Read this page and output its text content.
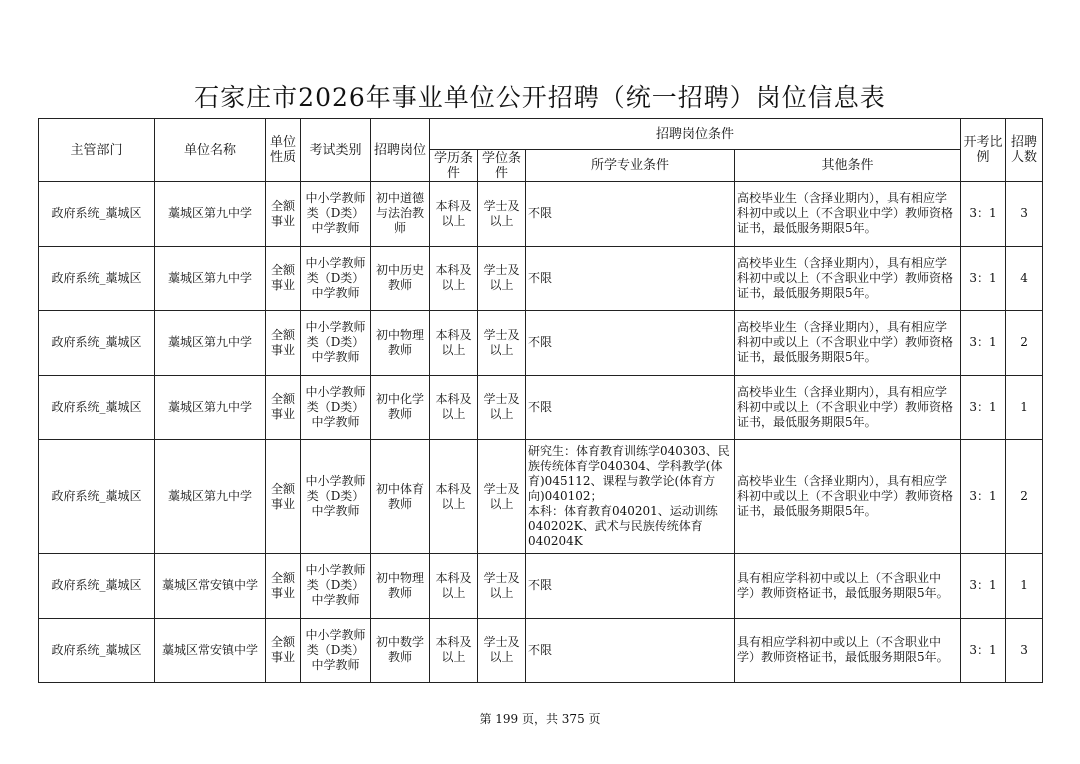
石家庄市2026年事业单位公开招聘（统一招聘）岗位信息表
主管部门	单位名称	单位性质	考试类别	招聘岗位	招聘岗位条件				开考比例	招聘人数
					学历条件	学位条件	所学专业条件	其他条件		
政府系统_藁城区	藁城区第九中学	全额事业	中小学教师类（D类）中学教师	初中道德与法治教师	本科及以上	学士及以上	不限	高校毕业生（含择业期内），具有相应学科初中或以上（不含职业中学）教师资格证书，最低服务期限5年。	3：1	3
政府系统_藁城区	藁城区第九中学	全额事业	中小学教师类（D类）中学教师	初中历史教师	本科及以上	学士及以上	不限	高校毕业生（含择业期内），具有相应学科初中或以上（不含职业中学）教师资格证书，最低服务期限5年。	3：1	4
政府系统_藁城区	藁城区第九中学	全额事业	中小学教师类（D类）中学教师	初中物理教师	本科及以上	学士及以上	不限	高校毕业生（含择业期内），具有相应学科初中或以上（不含职业中学）教师资格证书，最低服务期限5年。	3：1	2
政府系统_藁城区	藁城区第九中学	全额事业	中小学教师类（D类）中学教师	初中化学教师	本科及以上	学士及以上	不限	高校毕业生（含择业期内），具有相应学科初中或以上（不含职业中学）教师资格证书，最低服务期限5年。	3：1	1
政府系统_藁城区	藁城区第九中学	全额事业	中小学教师类（D类）中学教师	初中体育教师	本科及以上	学士及以上	研究生：体育教育训练学040303、民族传统体育学040304、学科教学(体育)045112、课程与教学论(体育方向)040102；
本科：体育教育040201、运动训练040202K、武术与民族传统体育040204K	高校毕业生（含择业期内），具有相应学科初中或以上（不含职业中学）教师资格证书，最低服务期限5年。	3：1	2
政府系统_藁城区	藁城区常安镇中学	全额事业	中小学教师类（D类）中学教师	初中物理教师	本科及以上	学士及以上	不限	具有相应学科初中或以上（不含职业中学）教师资格证书，最低服务期限5年。	3：1	1
政府系统_藁城区	藁城区常安镇中学	全额事业	中小学教师类（D类）中学教师	初中数学教师	本科及以上	学士及以上	不限	具有相应学科初中或以上（不含职业中学）教师资格证书，最低服务期限5年。	3：1	3
第 199 页，共 375 页
